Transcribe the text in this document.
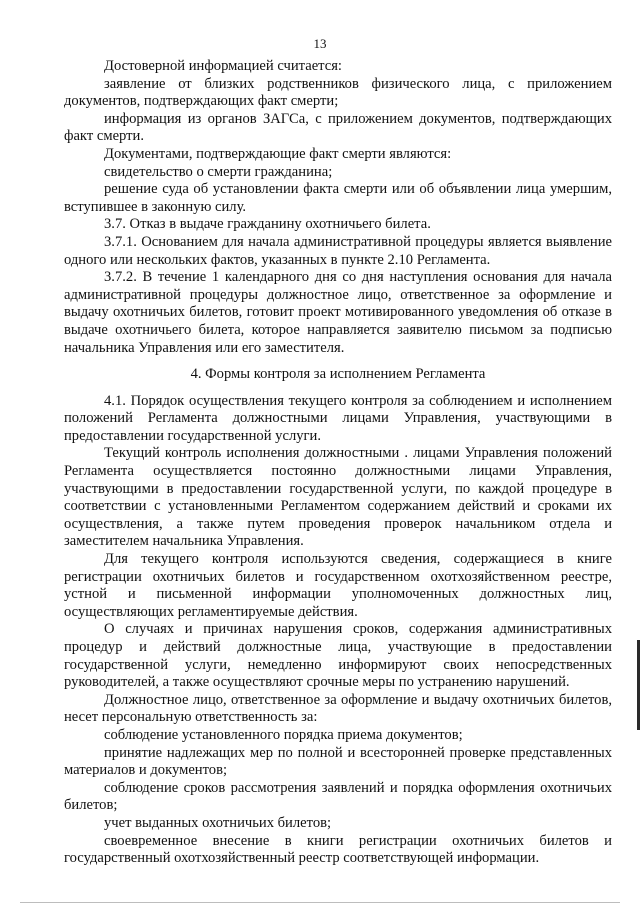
13

Достоверной информацией считается:

заявление от близких родственников физического лица, с приложением документов, подтверждающих факт смерти;

информация из органов ЗАГСа, с приложением документов, подтверждающих факт смерти.

Документами, подтверждающие факт смерти являются:

свидетельство о смерти гражданина;

решение суда об установлении факта смерти или об объявлении лица умершим, вступившее в законную силу.

3.7. Отказ в выдаче гражданину охотничьего билета.

3.7.1. Основанием для начала административной процедуры является выявление одного или нескольких фактов, указанных в пункте 2.10 Регламента.

3.7.2. В течение 1 календарного дня со дня наступления основания для начала административной процедуры должностное лицо, ответственное за оформление и выдачу охотничьих билетов, готовит проект мотивированного уведомления об отказе в выдаче охотничьего билета, которое направляется заявителю письмом за подписью начальника Управления или его заместителя.

4. Формы контроля за исполнением Регламента

4.1. Порядок осуществления текущего контроля за соблюдением и исполнением положений Регламента должностными лицами Управления, участвующими в предоставлении государственной услуги.

Текущий контроль исполнения должностными . лицами Управления положений Регламента осуществляется постоянно должностными лицами Управления, участвующими в предоставлении государственной услуги, по каждой процедуре в соответствии с установленными Регламентом содержанием действий и сроками их осуществления, а также путем проведения проверок начальником отдела и заместителем начальника Управления.

Для текущего контроля используются сведения, содержащиеся в книге регистрации охотничьих билетов и государственном охотхозяйственном реестре, устной и письменной информации уполномоченных должностных лиц, осуществляющих регламентируемые действия.

О случаях и причинах нарушения сроков, содержания административных процедур и действий должностные лица, участвующие в предоставлении государственной услуги, немедленно информируют своих непосредственных руководителей, а также осуществляют срочные меры по устранению нарушений.

Должностное лицо, ответственное за оформление и выдачу охотничьих билетов, несет персональную ответственность за:

соблюдение установленного порядка приема документов;

принятие надлежащих мер по полной и всесторонней проверке представленных материалов и документов;

соблюдение сроков рассмотрения заявлений и порядка оформления охотничьих билетов;

учет выданных охотничьих билетов;

своевременное внесение в книги регистрации охотничьих билетов и государственный охотхозяйственный реестр соответствующей информации.
